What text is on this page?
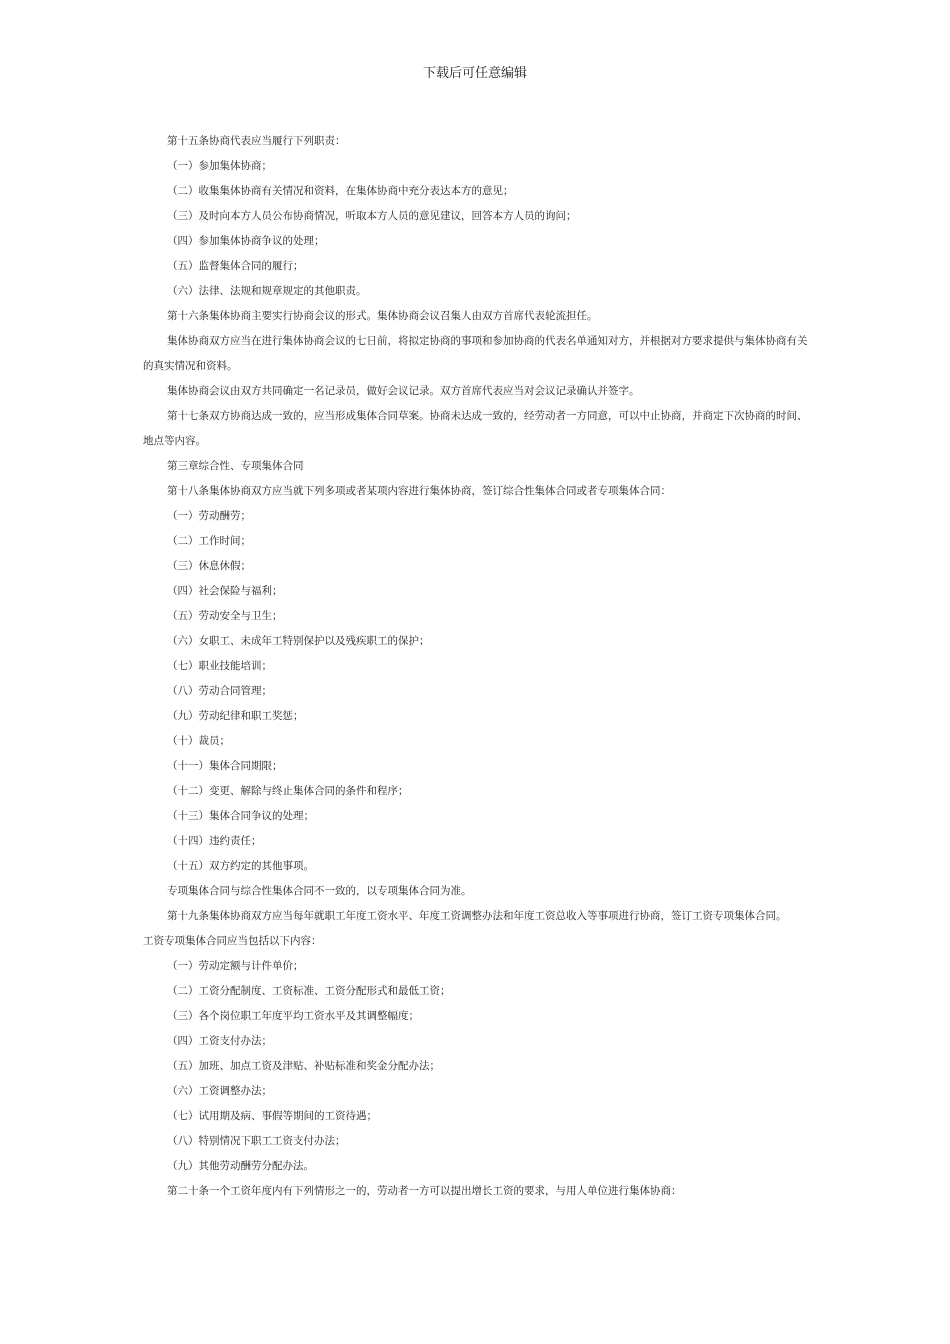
下载后可任意编辑

第十五条协商代表应当履行下列职责：

（一）参加集体协商；

（二）收集集体协商有关情况和资料，在集体协商中充分表达本方的意见；

（三）及时向本方人员公布协商情况，听取本方人员的意见建议，回答本方人员的询问；

（四）参加集体协商争议的处理；

（五）监督集体合同的履行；

（六）法律、法规和规章规定的其他职责。

第十六条集体协商主要实行协商会议的形式。集体协商会议召集人由双方首席代表轮流担任。

集体协商双方应当在进行集体协商会议的七日前，将拟定协商的事项和参加协商的代表名单通知对方，并根据对方要求提供与集体协商有关的真实情况和资料。

集体协商会议由双方共同确定一名记录员，做好会议记录。双方首席代表应当对会议记录确认并签字。

第十七条双方协商达成一致的，应当形成集体合同草案。协商未达成一致的，经劳动者一方同意，可以中止协商，并商定下次协商的时间、地点等内容。

第三章综合性、专项集体合同

第十八条集体协商双方应当就下列多项或者某项内容进行集体协商，签订综合性集体合同或者专项集体合同：

（一）劳动酬劳；

（二）工作时间；

（三）休息休假；

（四）社会保险与福利；

（五）劳动安全与卫生；

（六）女职工、未成年工特别保护以及残疾职工的保护；

（七）职业技能培训；

（八）劳动合同管理；

（九）劳动纪律和职工奖惩；

（十）裁员；

（十一）集体合同期限；

（十二）变更、解除与终止集体合同的条件和程序；

（十三）集体合同争议的处理；

（十四）违约责任；

（十五）双方约定的其他事项。

专项集体合同与综合性集体合同不一致的，以专项集体合同为准。

第十九条集体协商双方应当每年就职工年度工资水平、年度工资调整办法和年度工资总收入等事项进行协商，签订工资专项集体合同。

工资专项集体合同应当包括以下内容：

（一）劳动定额与计件单价；

（二）工资分配制度、工资标准、工资分配形式和最低工资；

（三）各个岗位职工年度平均工资水平及其调整幅度；

（四）工资支付办法；

（五）加班、加点工资及津贴、补贴标准和奖金分配办法；

（六）工资调整办法；

（七）试用期及病、事假等期间的工资待遇；

（八）特别情况下职工工资支付办法；

（九）其他劳动酬劳分配办法。

第二十条一个工资年度内有下列情形之一的，劳动者一方可以提出增长工资的要求，与用人单位进行集体协商：
